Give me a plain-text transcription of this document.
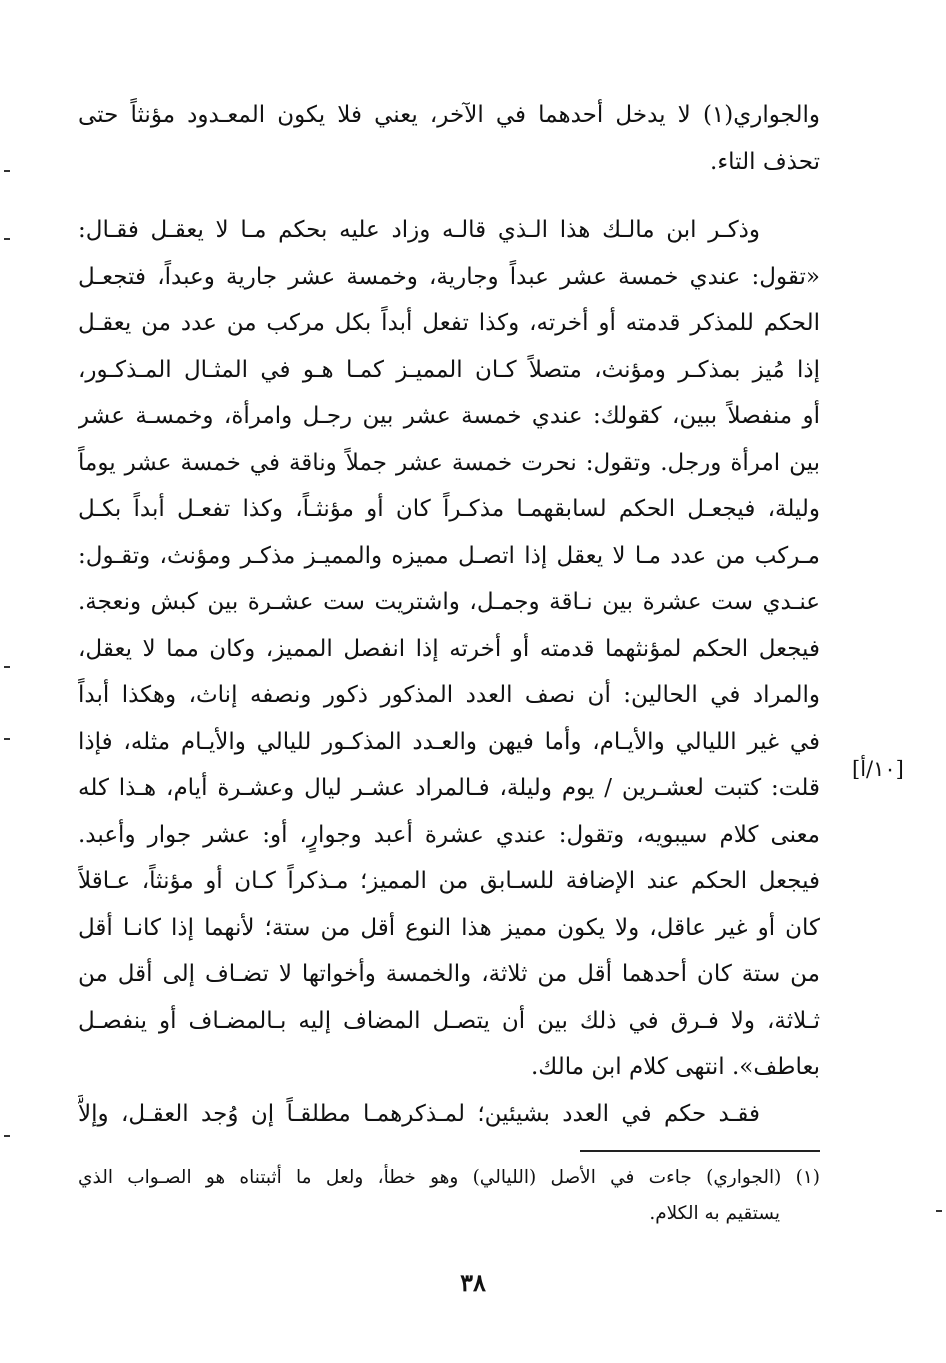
والجواري(١) لا يدخل أحدهما في الآخر، يعني فلا يكون المعـدود مؤنثاً حتى
تحذف التاء.
وذكـر ابن مالـك هذا الـذي قالـه وزاد عليه بحكم مـا لا يعقـل فقـال:
«تقول: عندي خمسة عشر عبداً وجارية، وخمسة عشر جارية وعبداً، فتجعـل
الحكم للمذكر قدمته أو أخرته، وكذا تفعل أبداً بكل مركب من عدد من يعقـل
إذا مُيز بمذكـر ومؤنث، متصلاً كـان المميـز كمـا هـو في المثـال المـذكـور،
أو منفصلاً ببين، كقولك: عندي خمسة عشر بين رجـل وامرأة، وخمسـة عشر
بين امرأة ورجل. وتقول: نحرت خمسة عشر جملاً وناقة في خمسة عشر يوماً
وليلة، فيجعـل الحكم لسابقهمـا مذكـراً كان أو مؤنثـاً، وكذا تفعـل أبداً بكـل
مـركب من عدد مـا لا يعقل إذا اتصـل مميزه والمميـز مذكـر ومؤنث، وتقـول:
عنـدي ست عشرة بين نـاقة وجمـل، واشتريت ست عشـرة بين كبش ونعجة.
فيجعل الحكم لمؤنثهما قدمته أو أخرته إذا انفصل المميز، وكان مما لا يعقل،
والمراد في الحالين: أن نصف العدد المذكور ذكور ونصفه إناث، وهكذا أبداً
في غير الليالي والأيـام، وأما فيهن والعـدد المذكـور لليالي والأيـام مثله، فإذا
قلت: كتبت لعشـرين / يوم وليلة، فـالمراد عشـر ليال وعشـرة أيام، هـذا كله
معنى كلام سيبويه، وتقول: عندي عشرة أعبد وجوارٍ، أو: عشر جوار وأعبد.
فيجعل الحكم عند الإضافة للسـابق من المميز؛ مـذكراً كـان أو مؤنثاً، عـاقلاً
كان أو غير عاقل، ولا يكون مميز هذا النوع أقل من ستة؛ لأنهما إذا كانـا أقل
من ستة كان أحدهما أقل من ثلاثة، والخمسة وأخواتها لا تضـاف إلى أقل من
ثـلاثة، ولا فـرق في ذلك بين أن يتصـل المضاف إليه بـالمضـاف أو ينفصـل
بعاطف». انتهى كلام ابن مالك.
فقـد حكم في العدد بشيئين؛ لمـذكرهمـا مطلقـاً إن وُجد العقـل، وإلاَّ
[١٠/أ]
(١) (الجواري) جاءت في الأصل (الليالي) وهو خطأ، ولعل ما أثبتناه هو الصـواب الذي
يستقيم به الكلام.
٣٨
